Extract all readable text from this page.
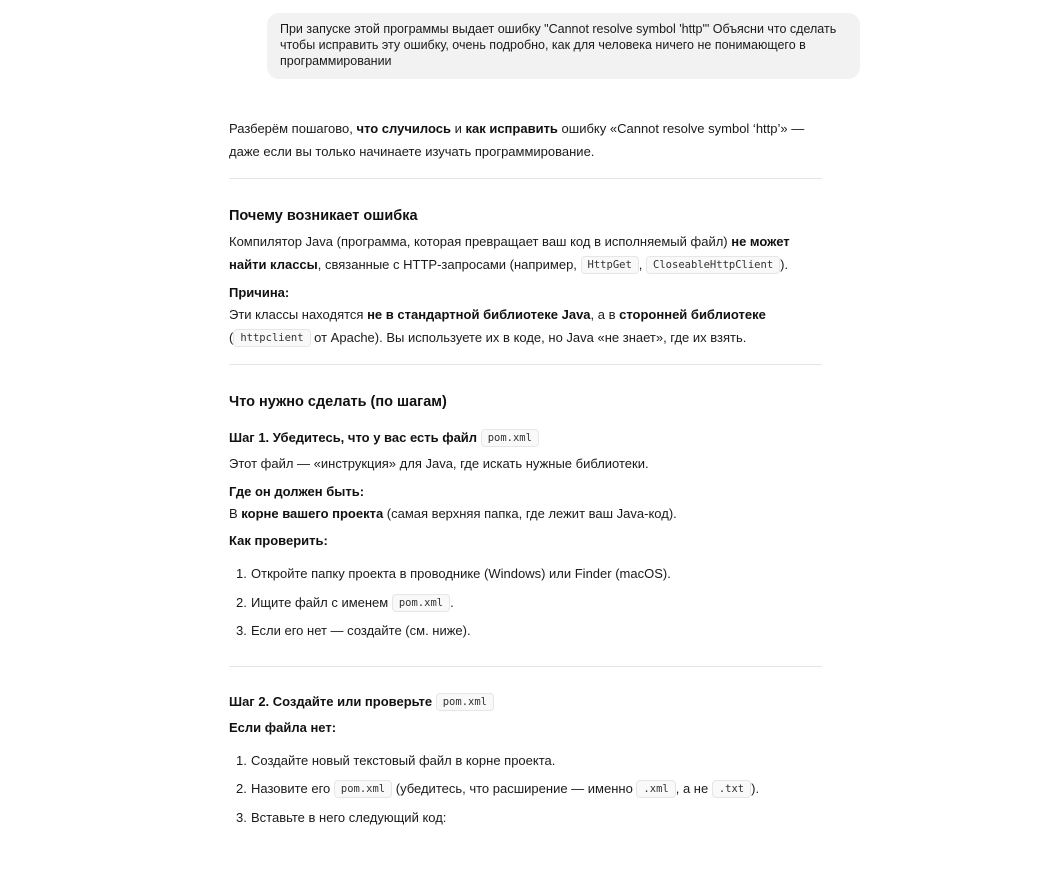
При запуске этой программы выдает ошибку "Cannot resolve symbol 'http'" Объясни что сделать чтобы исправить эту ошибку, очень подробно, как для человека ничего не понимающего в программировании

Разберём пошагово, что случилось и как исправить ошибку «Cannot resolve symbol ‘http’» — даже если вы только начинаете изучать программирование.

Почему возникает ошибка

Компилятор Java (программа, которая превращает ваш код в исполняемый файл) не может найти классы, связанные с HTTP-запросами (например, HttpGet , CloseableHttpClient ).

Причина:

Эти классы находятся не в стандартной библиотеке Java, а в сторонней библиотеке
( httpclient от Apache). Вы используете их в коде, но Java «не знает», где их взять.

Что нужно сделать (по шагам)
Шаг 1. Убедитесь, что у вас есть файл pom.xml

Этот файл — «инструкция» для Java, где искать нужные библиотеки.

Где он должен быть:

В корне вашего проекта (самая верхняя папка, где лежит ваш Java-код).

Как проверить:
1. Откройте папку проекта в проводнике (Windows) или Finder (macOS).
2. Ищите файл с именем pom.xml .
3. Если его нет — создайте (см. ниже).
Шаг 2. Создайте или проверьте pom.xml
Если файла нет:
1. Создайте новый текстовый файл в корне проекта.
2. Назовите его pom.xml (убедитесь, что расширение — именно .xml , а не .txt ).
3. Вставьте в него следующий код:
